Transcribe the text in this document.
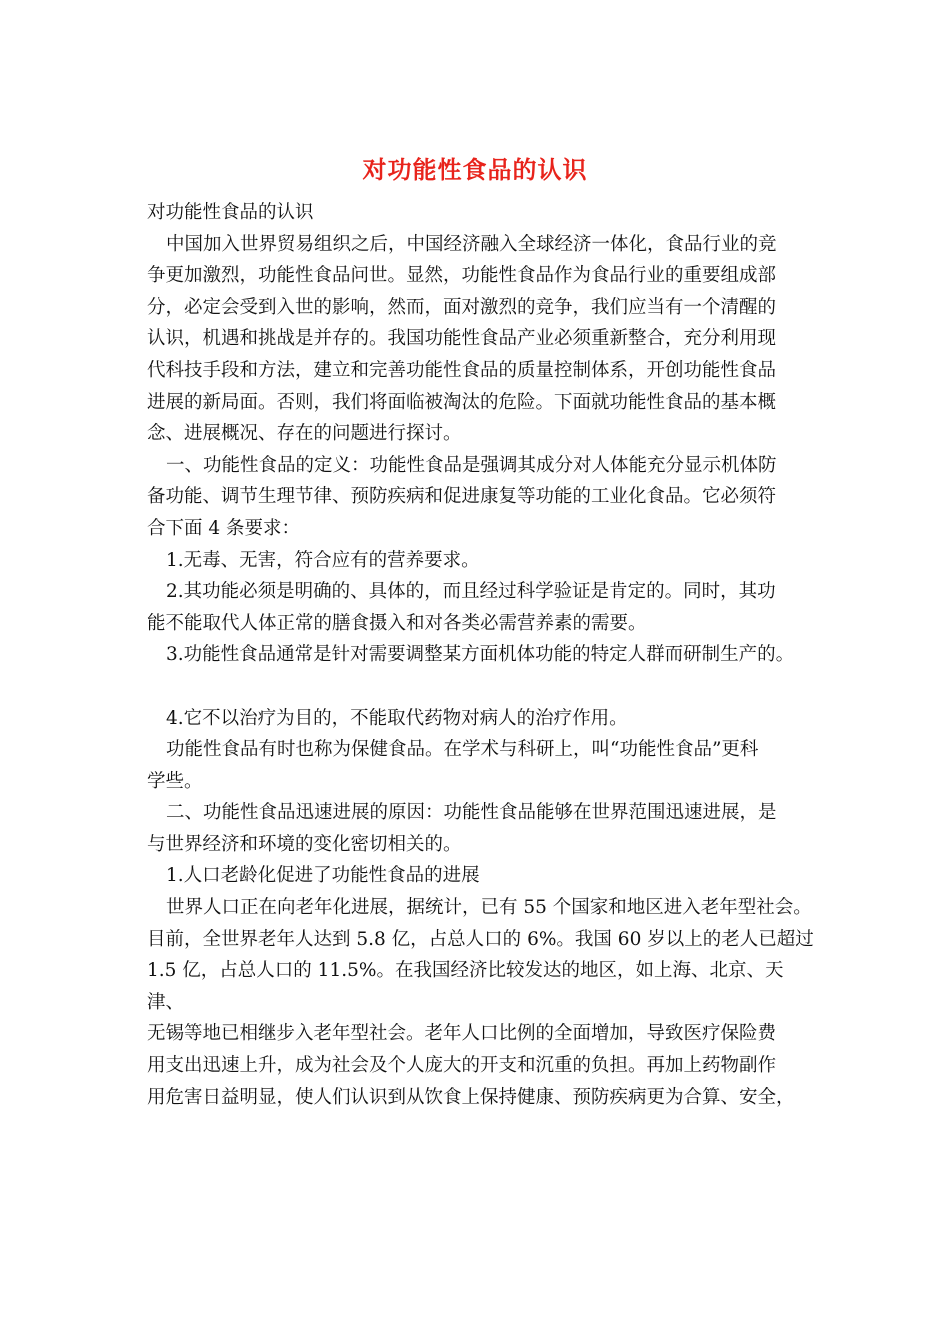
对功能性食品的认识

对功能性食品的认识

中国加入世界贸易组织之后，中国经济融入全球经济一体化，食品行业的竞
争更加激烈，功能性食品问世。显然，功能性食品作为食品行业的重要组成部
分，必定会受到入世的影响，然而，面对激烈的竞争，我们应当有一个清醒的
认识，机遇和挑战是并存的。我国功能性食品产业必须重新整合，充分利用现
代科技手段和方法，建立和完善功能性食品的质量控制体系，开创功能性食品
进展的新局面。否则，我们将面临被淘汰的危险。下面就功能性食品的基本概
念、进展概况、存在的问题进行探讨。

一、功能性食品的定义：功能性食品是强调其成分对人体能充分显示机体防
备功能、调节生理节律、预防疾病和促进康复等功能的工业化食品。它必须符
合下面 4 条要求：

1.无毒、无害，符合应有的营养要求。

2.其功能必须是明确的、具体的，而且经过科学验证是肯定的。同时，其功
能不能取代人体正常的膳食摄入和对各类必需营养素的需要。

3.功能性食品通常是针对需要调整某方面机体功能的特定人群而研制生产的。

4.它不以治疗为目的，不能取代药物对病人的治疗作用。

功能性食品有时也称为保健食品。在学术与科研上，叫“功能性食品”更科
学些。

二、功能性食品迅速进展的原因：功能性食品能够在世界范围迅速进展，是
与世界经济和环境的变化密切相关的。

1.人口老龄化促进了功能性食品的进展

世界人口正在向老年化进展，据统计，已有 55 个国家和地区进入老年型社会。
目前，全世界老年人达到 5.8 亿，占总人口的 6%。我国 60 岁以上的老人已超过
1.5 亿，占总人口的 11.5%。在我国经济比较发达的地区，如上海、北京、天津、
无锡等地已相继步入老年型社会。老年人口比例的全面增加，导致医疗保险费
用支出迅速上升，成为社会及个人庞大的开支和沉重的负担。再加上药物副作
用危害日益明显，使人们认识到从饮食上保持健康、预防疾病更为合算、安全，
